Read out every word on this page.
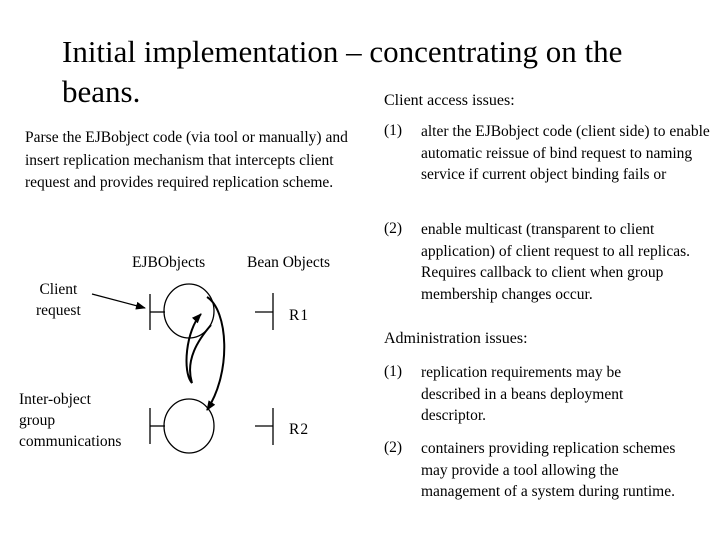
Initial implementation – concentrating on the
beans.
Parse the EJBobject code (via tool or manually) and insert replication mechanism that intercepts client request and provides required replication scheme.
EJBObjects	Bean Objects
Client
request
Inter-object
group
communications
R1
R2
Client access issues:
(1) alter the EJBobject code (client side) to enable automatic reissue of bind request to naming service if current object binding fails or
(2) enable multicast (transparent to client application) of client request to all replicas. Requires callback to client when group membership changes occur.
Administration issues:
(1) replication requirements may be described in a beans deployment descriptor.
(2) containers providing replication schemes may provide a tool allowing the management of a system during runtime.
